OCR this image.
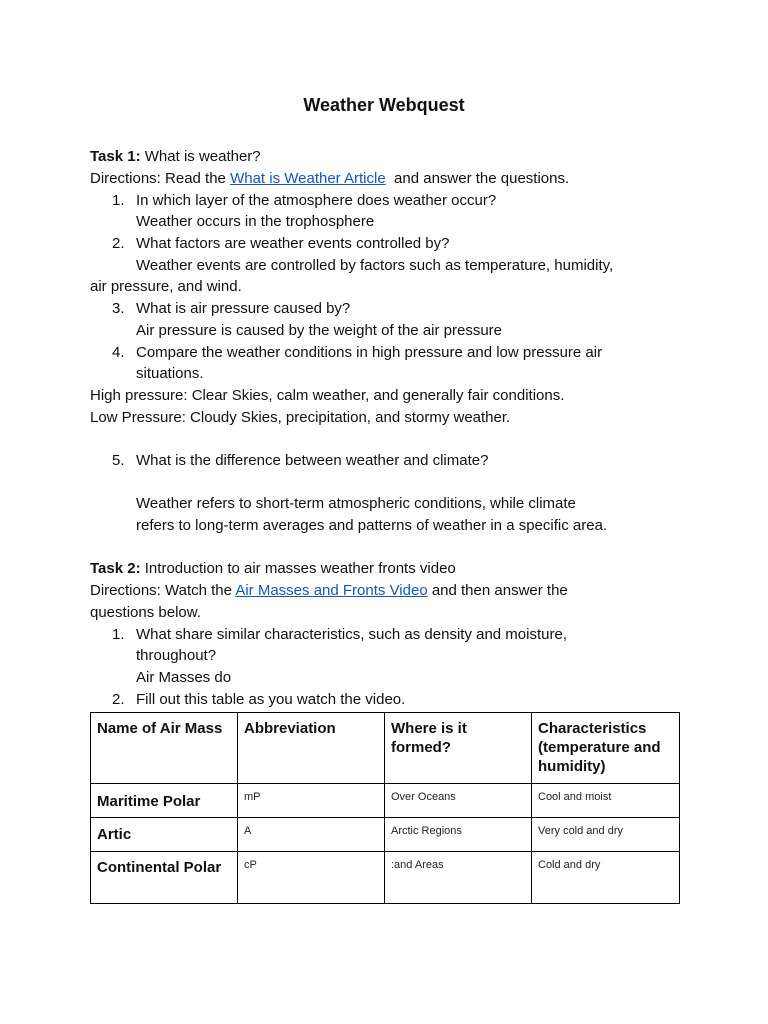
Weather Webquest
Task 1: What is weather?
Directions: Read the What is Weather Article and answer the questions.
1. In which layer of the atmosphere does weather occur?
Weather occurs in the trophosphere
2. What factors are weather events controlled by?
Weather events are controlled by factors such as temperature, humidity,
air pressure, and wind.
3. What is air pressure caused by?
Air pressure is caused by the weight of the air pressure
4. Compare the weather conditions in high pressure and low pressure air
situations.
High pressure: Clear Skies, calm weather, and generally fair conditions.
Low Pressure: Cloudy Skies, precipitation, and stormy weather.
5. What is the difference between weather and climate?
Weather refers to short-term atmospheric conditions, while climate
refers to long-term averages and patterns of weather in a specific area.
Task 2: Introduction to air masses weather fronts video
Directions: Watch the Air Masses and Fronts Video and then answer the
questions below.
1. What share similar characteristics, such as density and moisture,
throughout?
Air Masses do
2. Fill out this table as you watch the video.
Name of Air Mass	Abbreviation	Where is it formed?	Characteristics (temperature and humidity)
Maritime Polar	mP	Over Oceans	Cool and moist
Artic	A	Arctic Regions	Very cold and dry
Continental Polar	cP	:and Areas	Cold and dry
